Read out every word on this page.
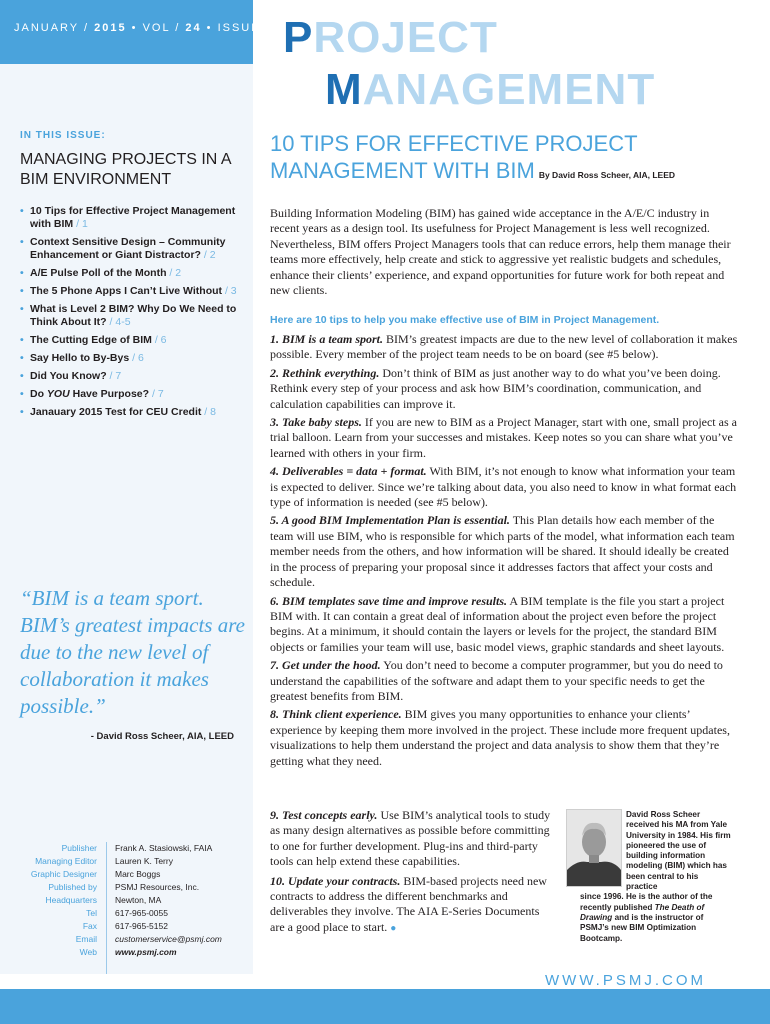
JANUARY / 2015 • VOL / 24 • ISSUE / 1 PROJECT
MANAGEMENT
IN THIS ISSUE:
MANAGING PROJECTS IN A BIM ENVIRONMENT
• 10 Tips for Effective Project Management with BIM / 1
• Context Sensitive Design – Community Enhancement or Giant Distractor? / 2
• A/E Pulse Poll of the Month / 2
• The 5 Phone Apps I Can’t Live Without / 3
• What is Level 2 BIM? Why Do We Need to Think About It? / 4-5
• The Cutting Edge of BIM / 6
• Say Hello to By-Bys / 6
• Did You Know? / 7
• Do YOU Have Purpose? / 7
• Janauary 2015 Test for CEU Credit / 8
“BIM is a team sport. BIM’s greatest impacts are due to the new level of collaboration it makes possible.”
- David Ross Scheer, AIA, LEED
Publisher Frank A. Stasiowski, FAIA
Managing Editor Lauren K. Terry
Graphic Designer Marc Boggs
Published by PSMJ Resources, Inc.
Headquarters Newton, MA
Tel 617-965-0055
Fax 617-965-5152
Email customerservice@psmj.com
Web www.psmj.com
10 TIPS FOR EFFECTIVE PROJECT MANAGEMENT WITH BIM By David Ross Scheer, AIA, LEED
Building Information Modeling (BIM) has gained wide acceptance in the A/E/C industry in recent years as a design tool. Its usefulness for Project Management is less well recognized. Nevertheless, BIM offers Project Managers tools that can reduce errors, help them manage their teams more effectively, help create and stick to aggressive yet realistic budgets and schedules, enhance their clients’ experience, and expand opportunities for future work for both repeat and new clients.
Here are 10 tips to help you make effective use of BIM in Project Management.

1. BIM is a team sport. BIM’s greatest impacts are due to the new level of collaboration it makes possible. Every member of the project team needs to be on board (see #5 below).

2. Rethink everything. Don’t think of BIM as just another way to do what you’ve been doing. Rethink every step of your process and ask how BIM’s coordination, communication, and calculation capabilities can improve it.

3. Take baby steps. If you are new to BIM as a Project Manager, start with one, small project as a trial balloon. Learn from your successes and mistakes. Keep notes so you can share what you’ve learned with others in your firm.

4. Deliverables = data + format. With BIM, it’s not enough to know what information your team is expected to deliver. Since we’re talking about data, you also need to know in what format each type of information is needed (see #5 below).

5. A good BIM Implementation Plan is essential. This Plan details how each member of the team will use BIM, who is responsible for which parts of the model, what information each team member needs from the others, and how information will be shared. It should ideally be created in the process of preparing your proposal since it addresses factors that affect your costs and schedule.

6. BIM templates save time and improve results. A BIM template is the file you start a project BIM with. It can contain a great deal of information about the project even before the project begins. At a minimum, it should contain the layers or levels for the project, the standard BIM objects or families your team will use, basic model views, graphic standards and sheet layouts.

7. Get under the hood. You don’t need to become a computer programmer, but you do need to understand the capabilities of the software and adapt them to your specific needs to get the greatest benefits from BIM.

8. Think client experience. BIM gives you many opportunities to enhance your clients’ experience by keeping them more involved in the project. These include more frequent updates, visualizations to help them understand the project and data analysis to show them that they’re getting what they need.

9. Test concepts early. Use BIM’s analytical tools to study as many design alternatives as possible before committing to one for further development. Plug-ins and third-party tools can help extend these capabilities.

10. Update your contracts. BIM-based projects need new contracts to address the different benchmarks and deliverables they involve. The AIA E-Series Documents are a good place to start. ●

David Ross Scheer received his MA from Yale University in 1984. His firm pioneered the use of building information modeling (BIM) which has been central to his practice
since 1996. He is the author of the recently published The Death of Drawing and is the instructor of PSMJ’s new BIM Optimization Bootcamp.
WWW.PSMJ.COM
